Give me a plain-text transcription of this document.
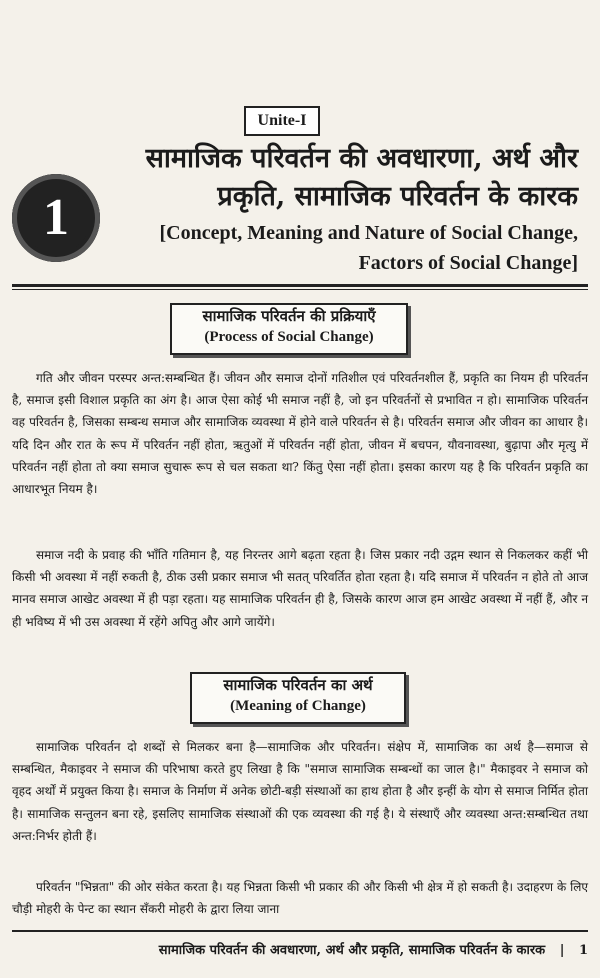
Unite-I
1
सामाजिक परिवर्तन की अवधारणा, अर्थ और प्रकृति, सामाजिक परिवर्तन के कारक
[Concept, Meaning and Nature of Social Change, Factors of Social Change]
सामाजिक परिवर्तन की प्रक्रियाएँ
(Process of Social Change)
गति और जीवन परस्पर अन्त:सम्बन्धित हैं। जीवन और समाज दोनों गतिशील एवं परिवर्तनशील हैं, प्रकृति का नियम ही परिवर्तन है, समाज इसी विशाल प्रकृति का अंग है। आज ऐसा कोई भी समाज नहीं है, जो इन परिवर्तनों से प्रभावित न हो। सामाजिक परिवर्तन वह परिवर्तन है, जिसका सम्बन्ध समाज और सामाजिक व्यवस्था में होने वाले परिवर्तन से है। परिवर्तन समाज और जीवन का आधार है। यदि दिन और रात के रूप में परिवर्तन नहीं होता, ऋतुओं में परिवर्तन नहीं होता, जीवन में बचपन, यौवनावस्था, बुढ़ापा और मृत्यु में परिवर्तन नहीं होता तो क्या समाज सुचारू रूप से चल सकता था? किंतु ऐसा नहीं होता। इसका कारण यह है कि परिवर्तन प्रकृति का आधारभूत नियम है।
समाज नदी के प्रवाह की भाँति गतिमान है, यह निरन्तर आगे बढ़ता रहता है। जिस प्रकार नदी उद्गम स्थान से निकलकर कहीं भी किसी भी अवस्था में नहीं रुकती है, ठीक उसी प्रकार समाज भी सतत् परिवर्तित होता रहता है। यदि समाज में परिवर्तन न होते तो आज मानव समाज आखेट अवस्था में ही पड़ा रहता। यह सामाजिक परिवर्तन ही है, जिसके कारण आज हम आखेट अवस्था में नहीं हैं, और न ही भविष्य में भी उस अवस्था में रहेंगे अपितु और आगे जायेंगे।
सामाजिक परिवर्तन का अर्थ
(Meaning of Change)
सामाजिक परिवर्तन दो शब्दों से मिलकर बना है—सामाजिक और परिवर्तन। संक्षेप में, सामाजिक का अर्थ है—समाज से सम्बन्धित, मैकाइवर ने समाज की परिभाषा करते हुए लिखा है कि "समाज सामाजिक सम्बन्धों का जाल है।" मैकाइवर ने समाज को वृहद अर्थों में प्रयुक्त किया है। समाज के निर्माण में अनेक छोटी-बड़ी संस्थाओं का हाथ होता है और इन्हीं के योग से समाज निर्मित होता है। सामाजिक सन्तुलन बना रहे, इसलिए सामाजिक संस्थाओं की एक व्यवस्था की गई है। ये संस्थाएँ और व्यवस्था अन्त:सम्बन्धित तथा अन्त:निर्भर होती हैं।
परिवर्तन "भिन्नता" की ओर संकेत करता है। यह भिन्नता किसी भी प्रकार की और किसी भी क्षेत्र में हो सकती है। उदाहरण के लिए चौड़ी मोहरी के पेन्ट का स्थान सँकरी मोहरी के द्वारा लिया जाना
सामाजिक परिवर्तन की अवधारणा, अर्थ और प्रकृति, सामाजिक परिवर्तन के कारक | 1
